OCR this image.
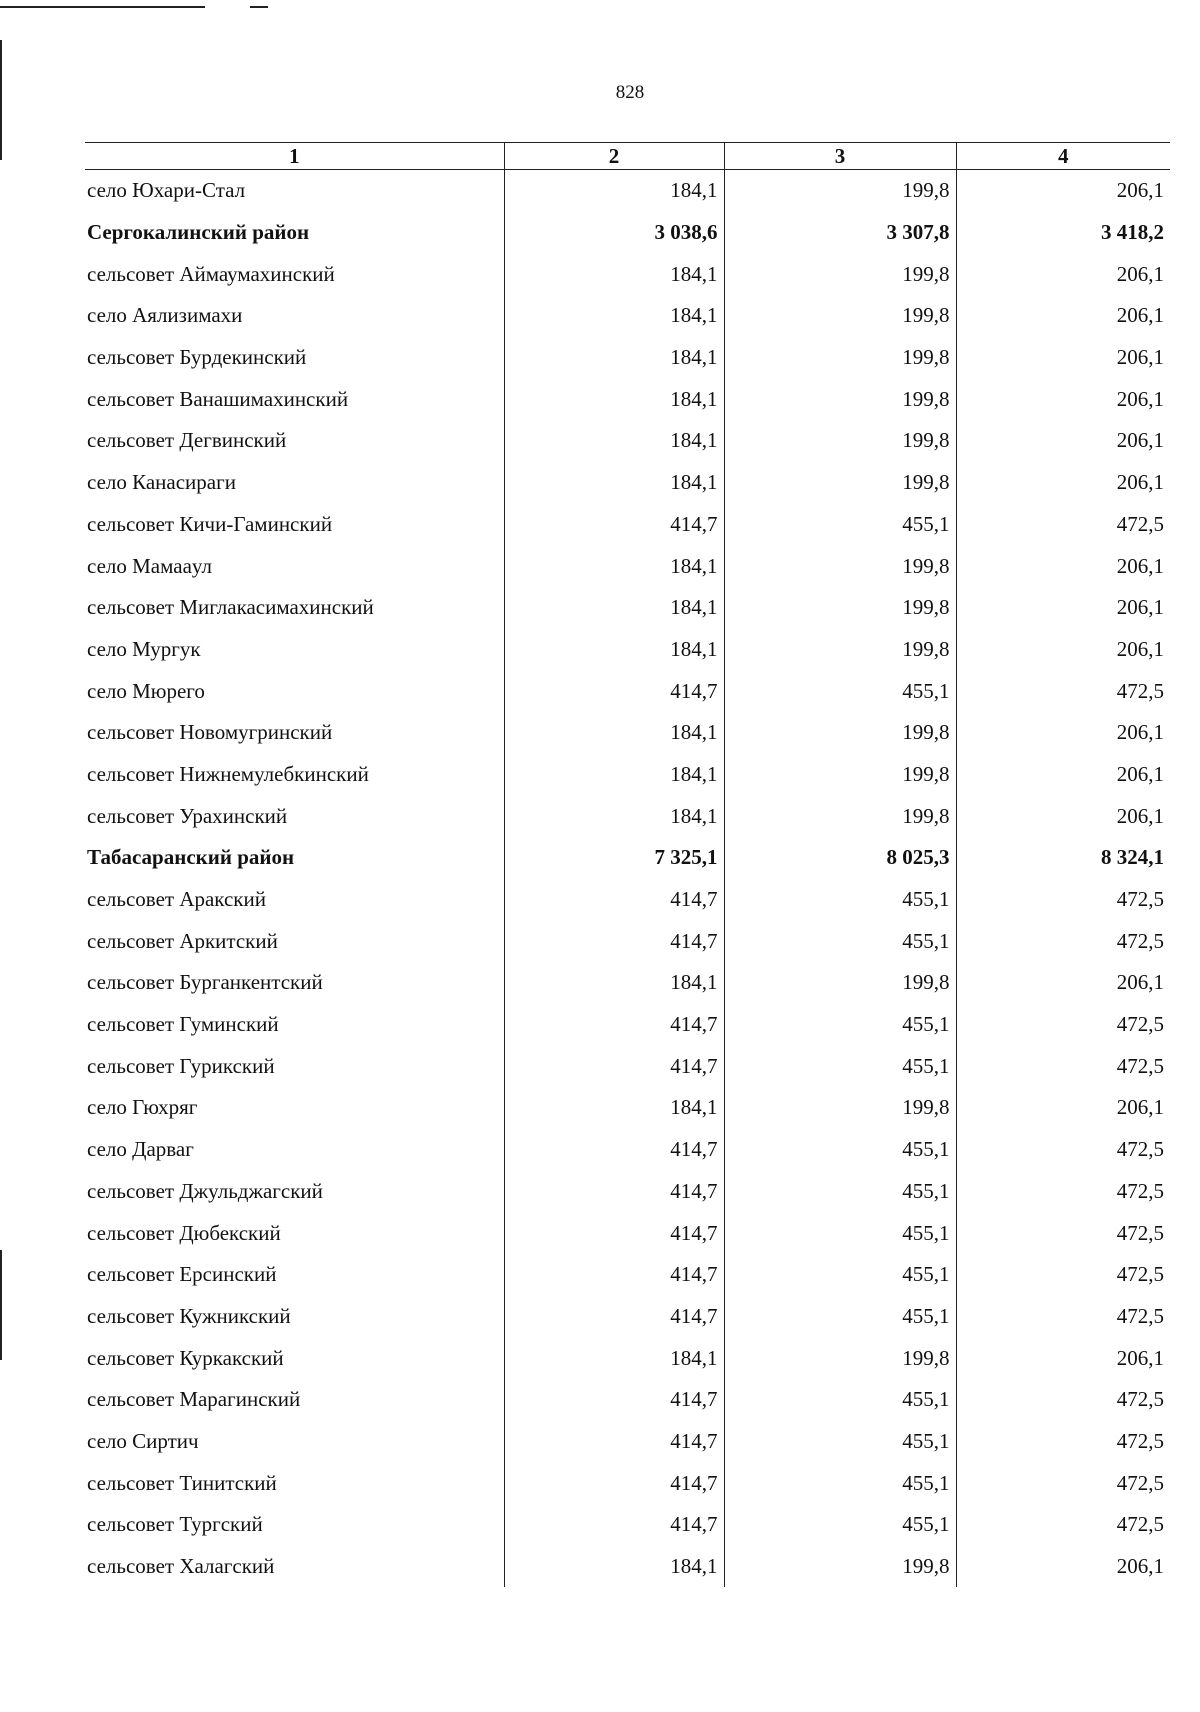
828
1	2	3	4
село Юхари-Стал	184,1	199,8	206,1
Сергокалинский район	3 038,6	3 307,8	3 418,2
сельсовет Аймаумахинский	184,1	199,8	206,1
село Аялизимахи	184,1	199,8	206,1
сельсовет Бурдекинский	184,1	199,8	206,1
сельсовет Ванашимахинский	184,1	199,8	206,1
сельсовет Дегвинский	184,1	199,8	206,1
село Канасираги	184,1	199,8	206,1
сельсовет Кичи-Гаминский	414,7	455,1	472,5
село Мамаaул	184,1	199,8	206,1
сельсовет Миглакасимахинский	184,1	199,8	206,1
село Мургук	184,1	199,8	206,1
село Мюрего	414,7	455,1	472,5
сельсовет Новомугринский	184,1	199,8	206,1
сельсовет Нижнемулебкинский	184,1	199,8	206,1
сельсовет Урахинский	184,1	199,8	206,1
Табасаранский район	7 325,1	8 025,3	8 324,1
сельсовет Аракский	414,7	455,1	472,5
сельсовет Аркитский	414,7	455,1	472,5
сельсовет Бурганкентский	184,1	199,8	206,1
сельсовет Гуминский	414,7	455,1	472,5
сельсовет Гурикский	414,7	455,1	472,5
село Гюхряг	184,1	199,8	206,1
село Дарваг	414,7	455,1	472,5
сельсовет Джульджагский	414,7	455,1	472,5
сельсовет Дюбекский	414,7	455,1	472,5
сельсовет Ерсинский	414,7	455,1	472,5
сельсовет Кужникский	414,7	455,1	472,5
сельсовет Куркакский	184,1	199,8	206,1
сельсовет Марагинский	414,7	455,1	472,5
село Сиртич	414,7	455,1	472,5
сельсовет Тинитский	414,7	455,1	472,5
сельсовет Тургский	414,7	455,1	472,5
сельсовет Халагский	184,1	199,8	206,1
